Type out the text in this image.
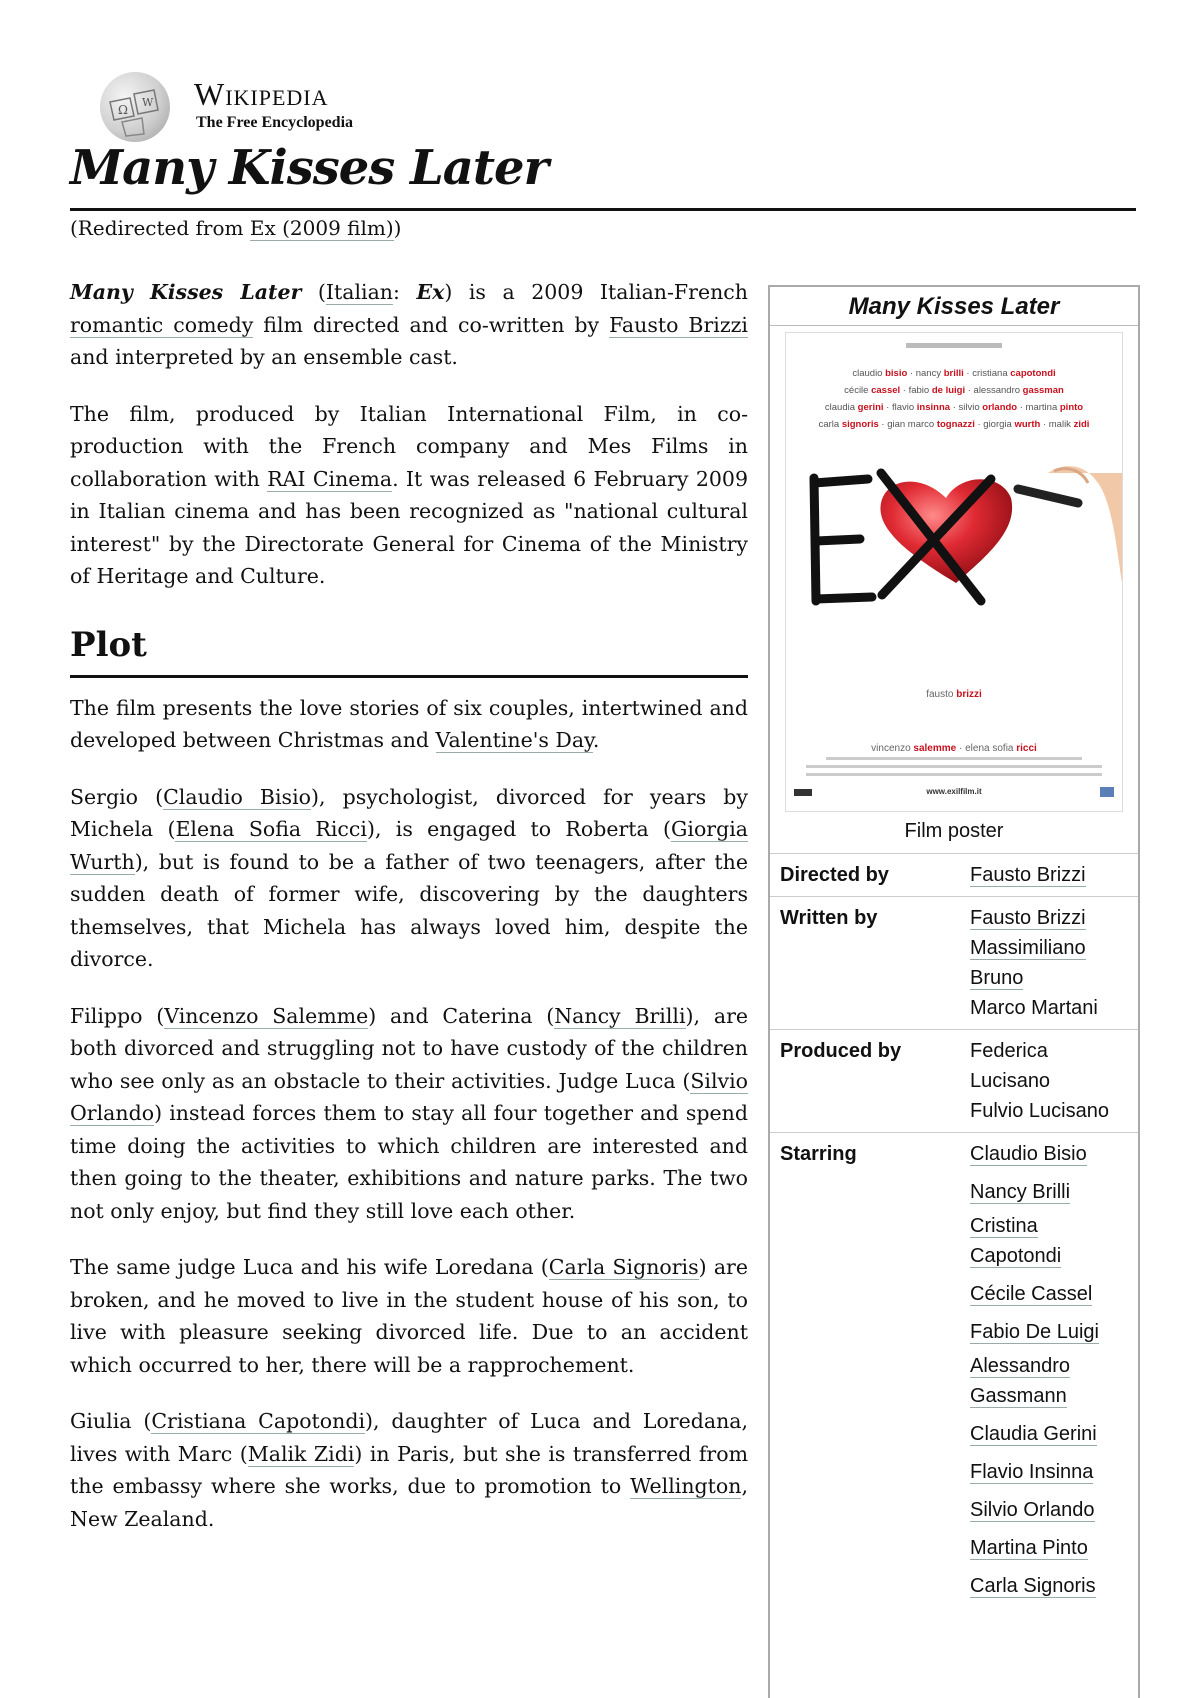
Ω
W Wikipedia
The Free Encyclopedia
Many Kisses Later
(Redirected from Ex (2009 film))

Many Kisses Later (Italian: Ex) is a 2009 Italian-French romantic comedy film directed and co-written by Fausto Brizzi and interpreted by an ensemble cast.

The film, produced by Italian International Film, in co-production with the French company and Mes Films in collaboration with RAI Cinema. It was released 6 February 2009 in Italian cinema and has been recognized as "national cultural interest" by the Directorate General for Cinema of the Ministry of Heritage and Culture.

Plot

The film presents the love stories of six couples, intertwined and developed between Christmas and Valentine's Day.

Sergio (Claudio Bisio), psychologist, divorced for years by Michela (Elena Sofia Ricci), is engaged to Roberta (Giorgia Wurth), but is found to be a father of two teenagers, after the sudden death of former wife, discovering by the daughters themselves, that Michela has always loved him, despite the divorce.

Filippo (Vincenzo Salemme) and Caterina (Nancy Brilli), are both divorced and struggling not to have custody of the children who see only as an obstacle to their activities. Judge Luca (Silvio Orlando) instead forces them to stay all four together and spend time doing the activities to which children are interested and then going to the theater, exhibitions and nature parks. The two not only enjoy, but find they still love each other.

The same judge Luca and his wife Loredana (Carla Signoris) are broken, and he moved to live in the student house of his son, to live with pleasure seeking divorced life. Due to an accident which occurred to her, there will be a rapprochement.

Giulia (Cristiana Capotondi), daughter of Luca and Loredana, lives with Marc (Malik Zidi) in Paris, but she is transferred from the embassy where she works, due to promotion to Wellington, New Zealand.

Many Kisses Later
claudio bisio · nancy brilli · cristiana capotondi
cécile cassel · fabio de luigi · alessandro gassman
claudia gerini · flavio insinna · silvio orlando · martina pinto
carla signoris · gian marco tognazzi · giorgia wurth · malik zidi
fausto brizzi
vincenzo salemme · elena sofia ricci
www.exilfilm.it
Film poster
Directed by	Fausto Brizzi
Written by	Fausto Brizzi
Massimiliano
Bruno
Marco Martani
Produced by	Federica
Lucisano
Fulvio Lucisano
Starring	Claudio Bisio
Nancy Brilli
Cristina
Capotondi
Cécile Cassel
Fabio De Luigi
Alessandro
Gassmann
Claudia Gerini
Flavio Insinna
Silvio Orlando
Martina Pinto
Carla Signoris
